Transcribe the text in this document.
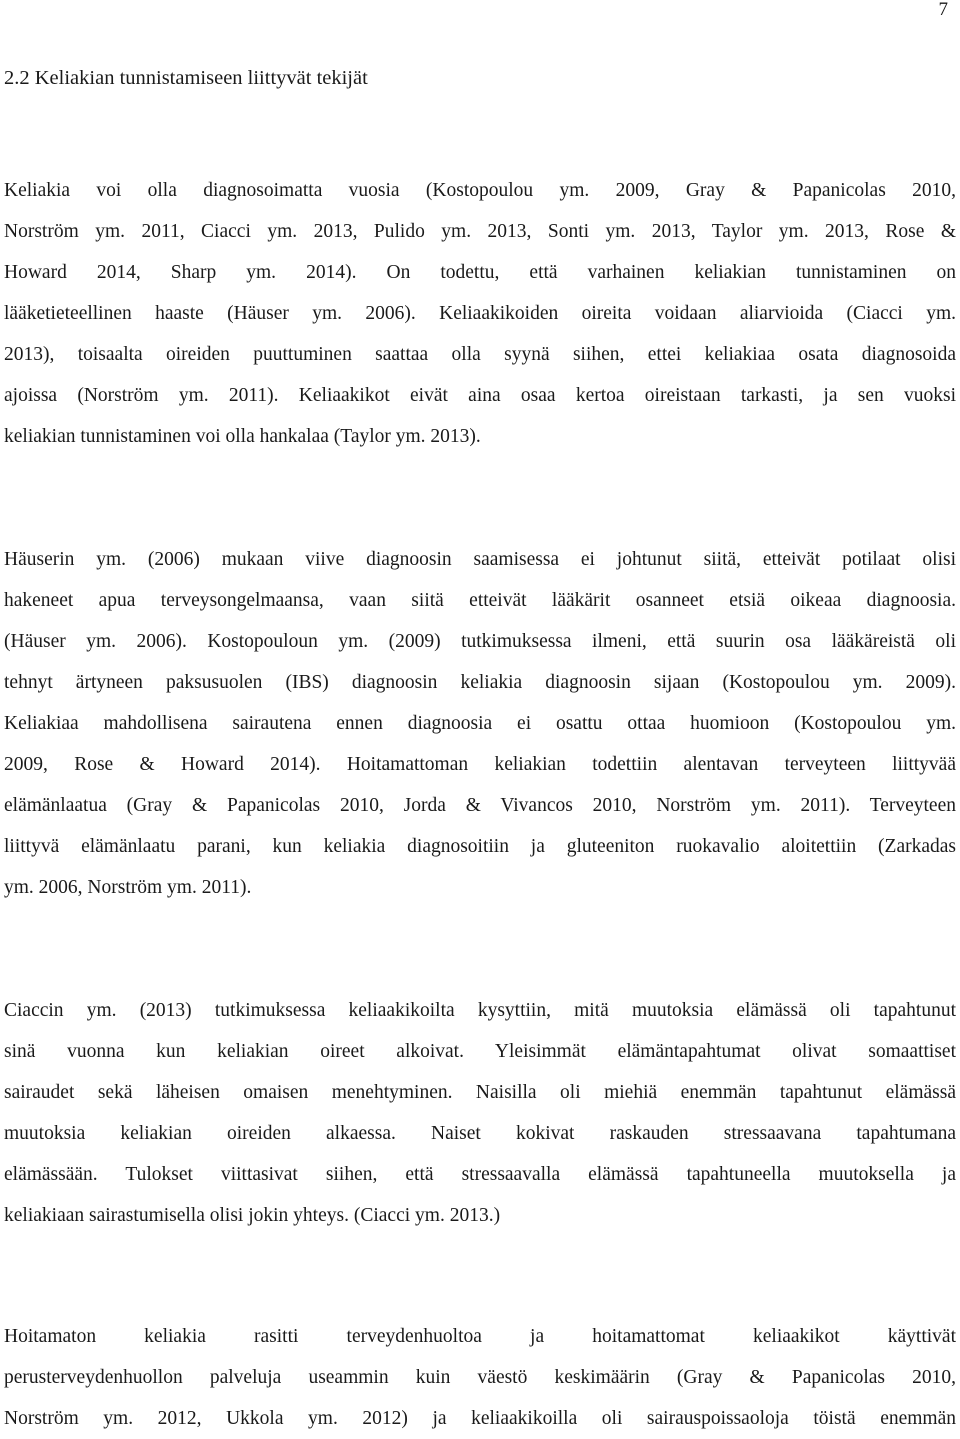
7
2.2 Keliakian tunnistamiseen liittyvät tekijät
Keliakia voi olla diagnosoimatta vuosia (Kostopoulou ym. 2009, Gray & Papanicolas 2010,
Norström ym. 2011, Ciacci ym. 2013, Pulido ym. 2013, Sonti ym. 2013, Taylor ym. 2013, Rose &
Howard 2014, Sharp ym. 2014). On todettu, että varhainen keliakian tunnistaminen on
lääketieteellinen haaste (Häuser ym. 2006). Keliaakikoiden oireita voidaan aliarvioida (Ciacci ym.
2013), toisaalta oireiden puuttuminen saattaa olla syynä siihen, ettei keliakiaa osata diagnosoida
ajoissa (Norström ym. 2011). Keliaakikot eivät aina osaa kertoa oireistaan tarkasti, ja sen vuoksi
keliakian tunnistaminen voi olla hankalaa (Taylor ym. 2013).
Häuserin ym. (2006) mukaan viive diagnoosin saamisessa ei johtunut siitä, etteivät potilaat olisi
hakeneet apua terveysongelmaansa, vaan siitä etteivät lääkärit osanneet etsiä oikeaa diagnoosia.
(Häuser ym. 2006). Kostopouloun ym. (2009) tutkimuksessa ilmeni, että suurin osa lääkäreistä oli
tehnyt ärtyneen paksusuolen (IBS) diagnoosin keliakia diagnoosin sijaan (Kostopoulou ym. 2009).
Keliakiaa mahdollisena sairautena ennen diagnoosia ei osattu ottaa huomioon (Kostopoulou ym.
2009, Rose & Howard 2014). Hoitamattoman keliakian todettiin alentavan terveyteen liittyvää
elämänlaatua (Gray & Papanicolas 2010, Jorda & Vivancos 2010, Norström ym. 2011). Terveyteen
liittyvä elämänlaatu parani, kun keliakia diagnosoitiin ja gluteeniton ruokavalio aloitettiin (Zarkadas
ym. 2006, Norström ym. 2011).
Ciaccin ym. (2013) tutkimuksessa keliaakikoilta kysyttiin, mitä muutoksia elämässä oli tapahtunut
sinä vuonna kun keliakian oireet alkoivat. Yleisimmät elämäntapahtumat olivat somaattiset
sairaudet sekä läheisen omaisen menehtyminen. Naisilla oli miehiä enemmän tapahtunut elämässä
muutoksia keliakian oireiden alkaessa. Naiset kokivat raskauden stressaavana tapahtumana
elämässään. Tulokset viittasivat siihen, että stressaavalla elämässä tapahtuneella muutoksella ja
keliakiaan sairastumisella olisi jokin yhteys. (Ciacci ym. 2013.)
Hoitamaton keliakia rasitti terveydenhuoltoa ja hoitamattomat keliaakikot käyttivät
perusterveydenhuollon palveluja useammin kuin väestö keskimäärin (Gray & Papanicolas 2010,
Norström ym. 2012, Ukkola ym. 2012) ja keliaakikoilla oli sairauspoissaoloja töistä enemmän
